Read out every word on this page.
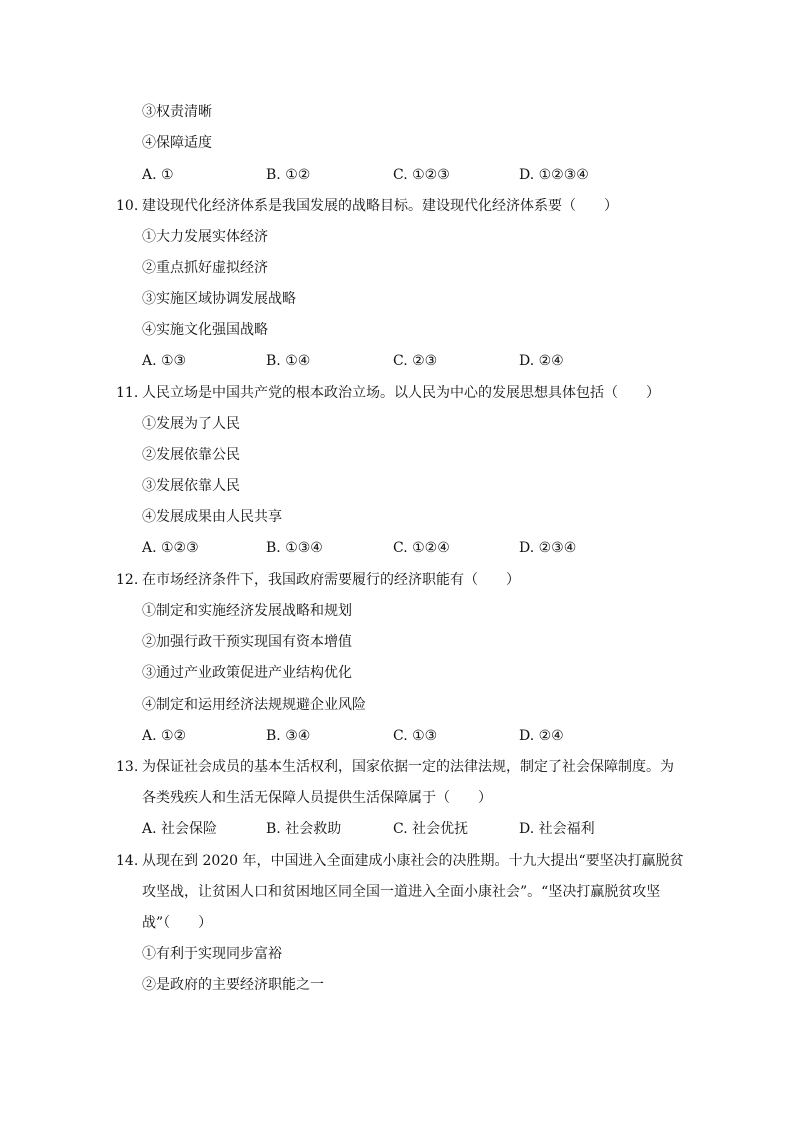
③权责清晰
④保障适度
A. ①	B. ①②	C. ①②③	D. ①②③④
10. 建设现代化经济体系是我国发展的战略目标。建设现代化经济体系要（　　）
①大力发展实体经济
②重点抓好虚拟经济
③实施区域协调发展战略
④实施文化强国战略
A. ①③	B. ①④	C. ②③	D. ②④
11. 人民立场是中国共产党的根本政治立场。以人民为中心的发展思想具体包括（　　）
①发展为了人民
②发展依靠公民
③发展依靠人民
④发展成果由人民共享
A. ①②③	B. ①③④	C. ①②④	D. ②③④
12. 在市场经济条件下，我国政府需要履行的经济职能有（　　）
①制定和实施经济发展战略和规划
②加强行政干预实现国有资本增值
③通过产业政策促进产业结构优化
④制定和运用经济法规规避企业风险
A. ①②	B. ③④	C. ①③	D. ②④
13. 为保证社会成员的基本生活权利，国家依据一定的法律法规，制定了社会保障制度。为
各类残疾人和生活无保障人员提供生活保障属于（　　）
A. 社会保险	B. 社会救助	C. 社会优抚	D. 社会福利
14. 从现在到 2020 年，中国进入全面建成小康社会的决胜期。十九大提出“要坚决打赢脱贫
攻坚战，让贫困人口和贫困地区同全国一道进入全面小康社会”。“坚决打赢脱贫攻坚
战”（　　）
①有利于实现同步富裕
②是政府的主要经济职能之一
